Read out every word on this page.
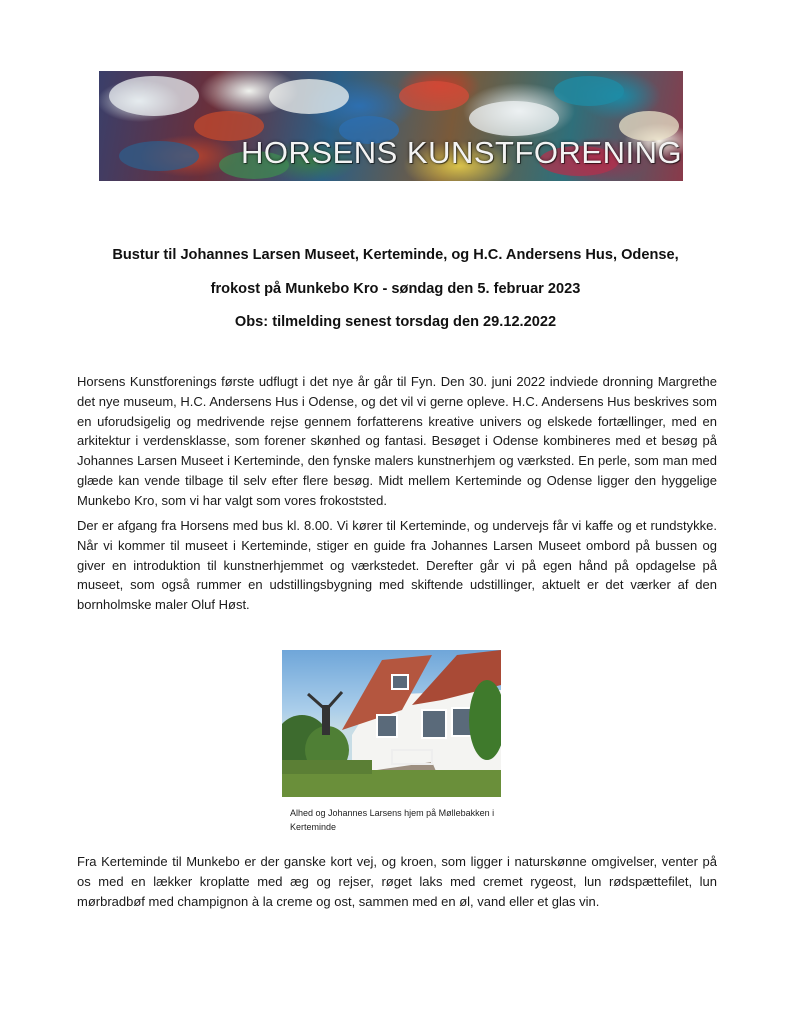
HORSENS KUNSTFORENING
Bustur til Johannes Larsen Museet, Kerteminde, og H.C. Andersens Hus, Odense,
frokost på Munkebo Kro - søndag den 5. februar 2023
Obs: tilmelding senest torsdag den 29.12.2022
Horsens Kunstforenings første udflugt i det nye år går til Fyn. Den 30. juni 2022 indviede dronning Margrethe det nye museum, H.C. Andersens Hus i Odense, og det vil vi gerne opleve. H.C. Andersens Hus beskrives som en uforudsigelig og medrivende rejse gennem forfatterens kreative univers og elskede fortællinger, med en arkitektur i verdensklasse, som forener skønhed og fantasi. Besøget i Odense kombineres med et besøg på Johannes Larsen Museet i Kerteminde, den fynske malers kunstnerhjem og værksted. En perle, som man med glæde kan vende tilbage til selv efter flere besøg. Midt mellem Kerteminde og Odense ligger den hyggelige Munkebo Kro, som vi har valgt som vores frokoststed.
Der er afgang fra Horsens med bus kl. 8.00. Vi kører til Kerteminde, og undervejs får vi kaffe og et rundstykke. Når vi kommer til museet i Kerteminde, stiger en guide fra Johannes Larsen Museet ombord på bussen og giver en introduktion til kunstnerhjemmet og værkstedet. Derefter går vi på egen hånd på opdagelse på museet, som også rummer en udstillingsbygning med skiftende udstillinger, aktuelt er det værker af den bornholmske maler Oluf Høst.
Alhed og Johannes Larsens hjem på Møllebakken i Kerteminde
Fra Kerteminde til Munkebo er der ganske kort vej, og kroen, som ligger i naturskønne omgivelser, venter på os med en lækker kroplatte med æg og rejser, røget laks med cremet rygeost, lun rødspættefilet, lun mørbradbøf med champignon à la creme og ost, sammen med en øl, vand eller et glas vin.
